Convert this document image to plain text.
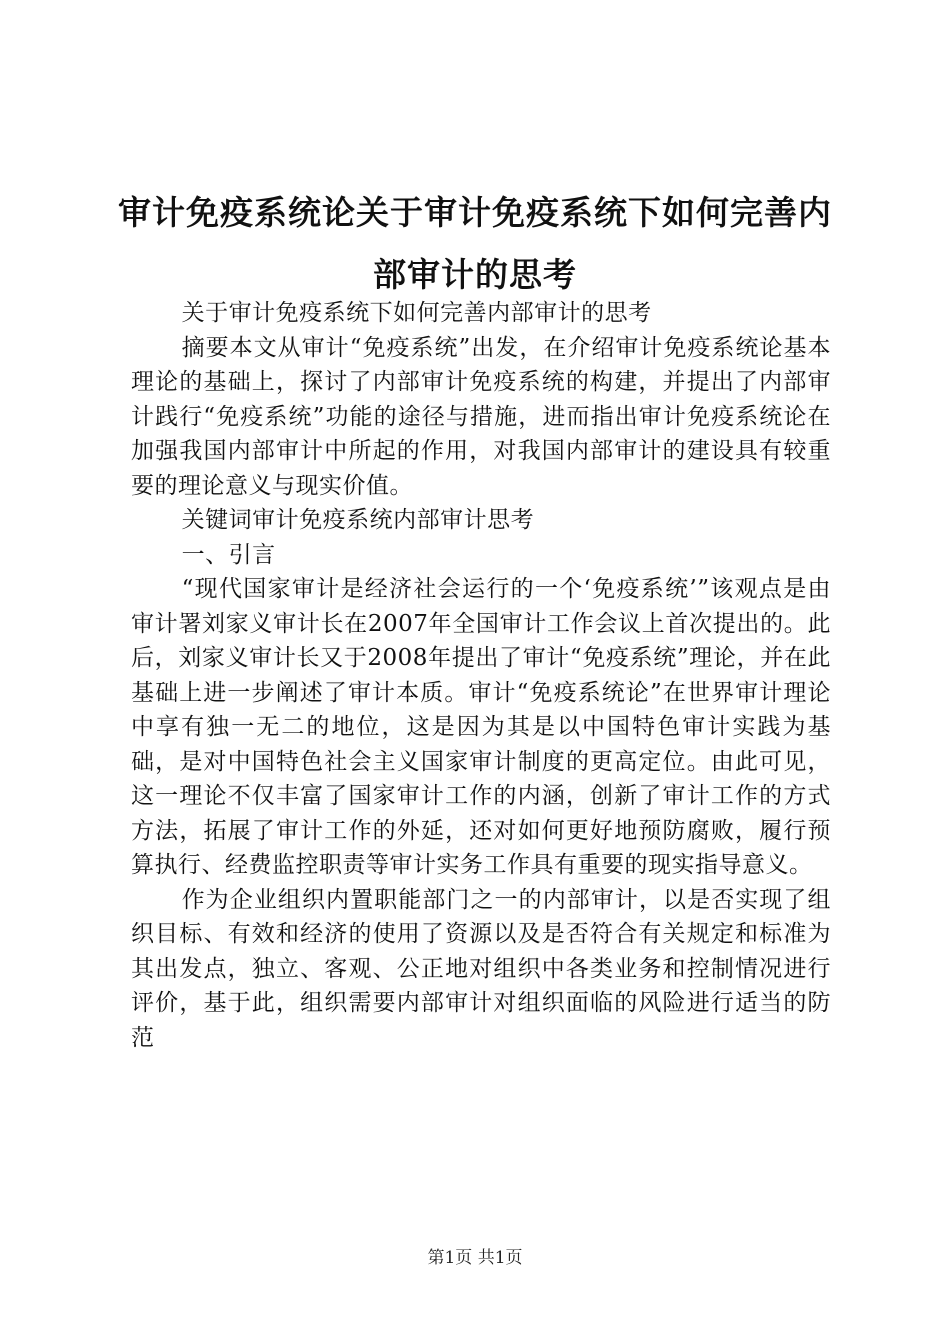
审计免疫系统论关于审计免疫系统下如何完善内部审计的思考

关于审计免疫系统下如何完善内部审计的思考

摘要本文从审计“免疫系统”出发，在介绍审计免疫系统论基本理论的基础上，探讨了内部审计免疫系统的构建，并提出了内部审计践行“免疫系统”功能的途径与措施，进而指出审计免疫系统论在加强我国内部审计中所起的作用，对我国内部审计的建设具有较重要的理论意义与现实价值。

关键词审计免疫系统内部审计思考

一、引言

“现代国家审计是经济社会运行的一个‘免疫系统’”该观点是由审计署刘家义审计长在2007年全国审计工作会议上首次提出的。此后，刘家义审计长又于2008年提出了审计“免疫系统”理论，并在此基础上进一步阐述了审计本质。审计“免疫系统论”在世界审计理论中享有独一无二的地位，这是因为其是以中国特色审计实践为基础，是对中国特色社会主义国家审计制度的更高定位。由此可见，这一理论不仅丰富了国家审计工作的内涵，创新了审计工作的方式方法，拓展了审计工作的外延，还对如何更好地预防腐败，履行预算执行、经费监控职责等审计实务工作具有重要的现实指导意义。

作为企业组织内置职能部门之一的内部审计，以是否实现了组织目标、有效和经济的使用了资源以及是否符合有关规定和标准为其出发点，独立、客观、公正地对组织中各类业务和控制情况进行评价，基于此，组织需要内部审计对组织面临的风险进行适当的防范

第1页 共1页
